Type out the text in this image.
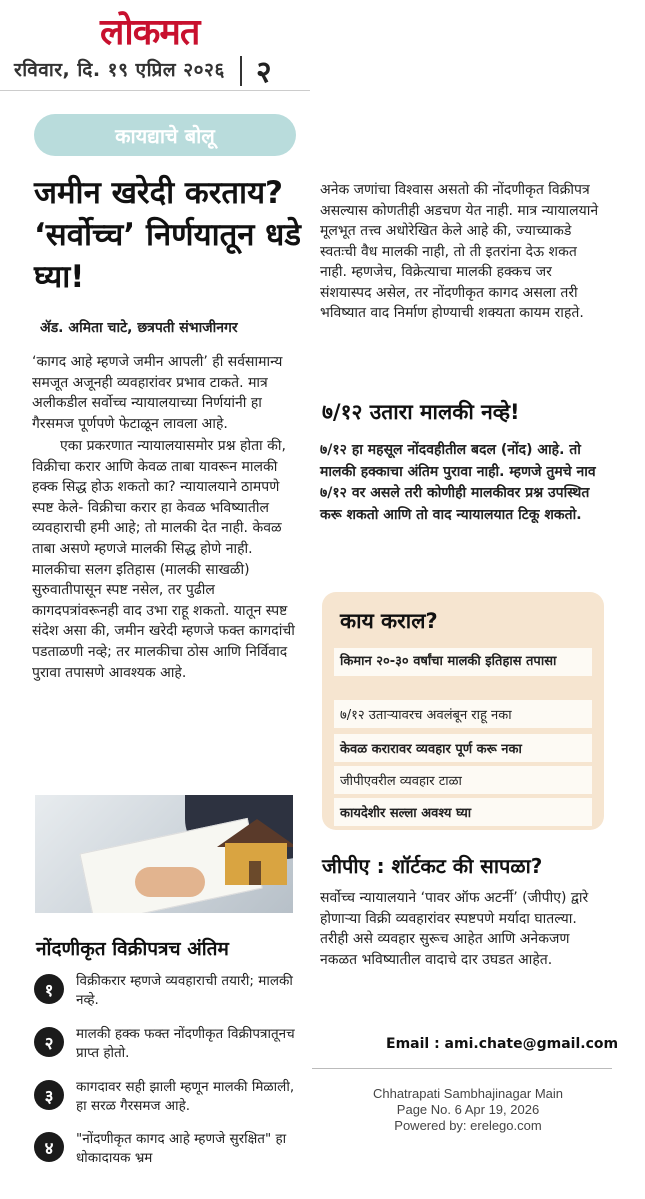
लोकमत
रविवार, दि. १९ एप्रिल २०२६ २
कायद्याचे बोलू
जमीन खरेदी करताय? ‘सर्वोच्च’ निर्णयातून धडे घ्या!
ॲड. अमिता चाटे, छत्रपती संभाजीनगर
‘कागद आहे म्हणजे जमीन आपली’ ही सर्वसामान्य समजूत अजूनही व्यवहारांवर प्रभाव टाकते. मात्र अलीकडील सर्वोच्च न्यायालयाच्या निर्णयांनी हा गैरसमज पूर्णपणे फेटाळून लावला आहे.
एका प्रकरणात न्यायालयासमोर प्रश्न होता की, विक्रीचा करार आणि केवळ ताबा यावरून मालकी हक्क सिद्ध होऊ शकतो का? न्यायालयाने ठामपणे स्पष्ट केले- विक्रीचा करार हा केवळ भविष्यातील व्यवहाराची हमी आहे; तो मालकी देत नाही. केवळ ताबा असणे म्हणजे मालकी सिद्ध होणे नाही. मालकीचा सलग इतिहास (मालकी साखळी) सुरुवातीपासून स्पष्ट नसेल, तर पुढील कागदपत्रांवरूनही वाद उभा राहू शकतो. यातून स्पष्ट संदेश असा की, जमीन खरेदी म्हणजे फक्त कागदांची पडताळणी नव्हे; तर मालकीचा ठोस आणि निर्विवाद पुरावा तपासणे आवश्यक आहे.
नोंदणीकृत विक्रीपत्रच अंतिम
१	विक्रीकरार म्हणजे व्यवहाराची तयारी; मालकी नव्हे.
२	मालकी हक्क फक्त नोंदणीकृत विक्रीपत्रातूनच प्राप्त होतो.
३	कागदावर सही झाली म्हणून मालकी मिळाली, हा सरळ गैरसमज आहे.
४	"नोंदणीकृत कागद आहे म्हणजे सुरक्षित" हा धोकादायक भ्रम
अनेक जणांचा विश्वास असतो की नोंदणीकृत विक्रीपत्र असल्यास कोणतीही अडचण येत नाही. मात्र न्यायालयाने मूलभूत तत्त्व अधोरेखित केले आहे की, ज्याच्याकडे स्वतःची वैध मालकी नाही, तो ती इतरांना देऊ शकत नाही. म्हणजेच, विक्रेत्याचा मालकी हक्कच जर संशयास्पद असेल, तर नोंदणीकृत कागद असला तरी भविष्यात वाद निर्माण होण्याची शक्यता कायम राहते.
७/१२ उतारा मालकी नव्हे!
७/१२ हा महसूल नोंदवहीतील बदल (नोंद) आहे. तो मालकी हक्काचा अंतिम पुरावा नाही. म्हणजे तुमचे नाव ७/१२ वर असले तरी कोणीही मालकीवर प्रश्न उपस्थित करू शकतो आणि तो वाद न्यायालयात टिकू शकतो.
काय कराल?
किमान २०-३० वर्षांचा मालकी इतिहास तपासा
७/१२ उताऱ्यावरच अवलंबून राहू नका
केवळ करारावर व्यवहार पूर्ण करू नका
जीपीएवरील व्यवहार टाळा
कायदेशीर सल्ला अवश्य घ्या
जीपीए : शॉर्टकट की सापळा?
सर्वोच्च न्यायालयाने ‘पावर ऑफ अटर्नी’ (जीपीए) द्वारे होणाऱ्या विक्री व्यवहारांवर स्पष्टपणे मर्यादा घातल्या. तरीही असे व्यवहार सुरूच आहेत आणि अनेकजण नकळत भविष्यातील वादाचे दार उघडत आहेत.
Email : ami.chate@gmail.com
Chhatrapati Sambhajinagar Main
Page No. 6 Apr 19, 2026
Powered by: erelego.com
